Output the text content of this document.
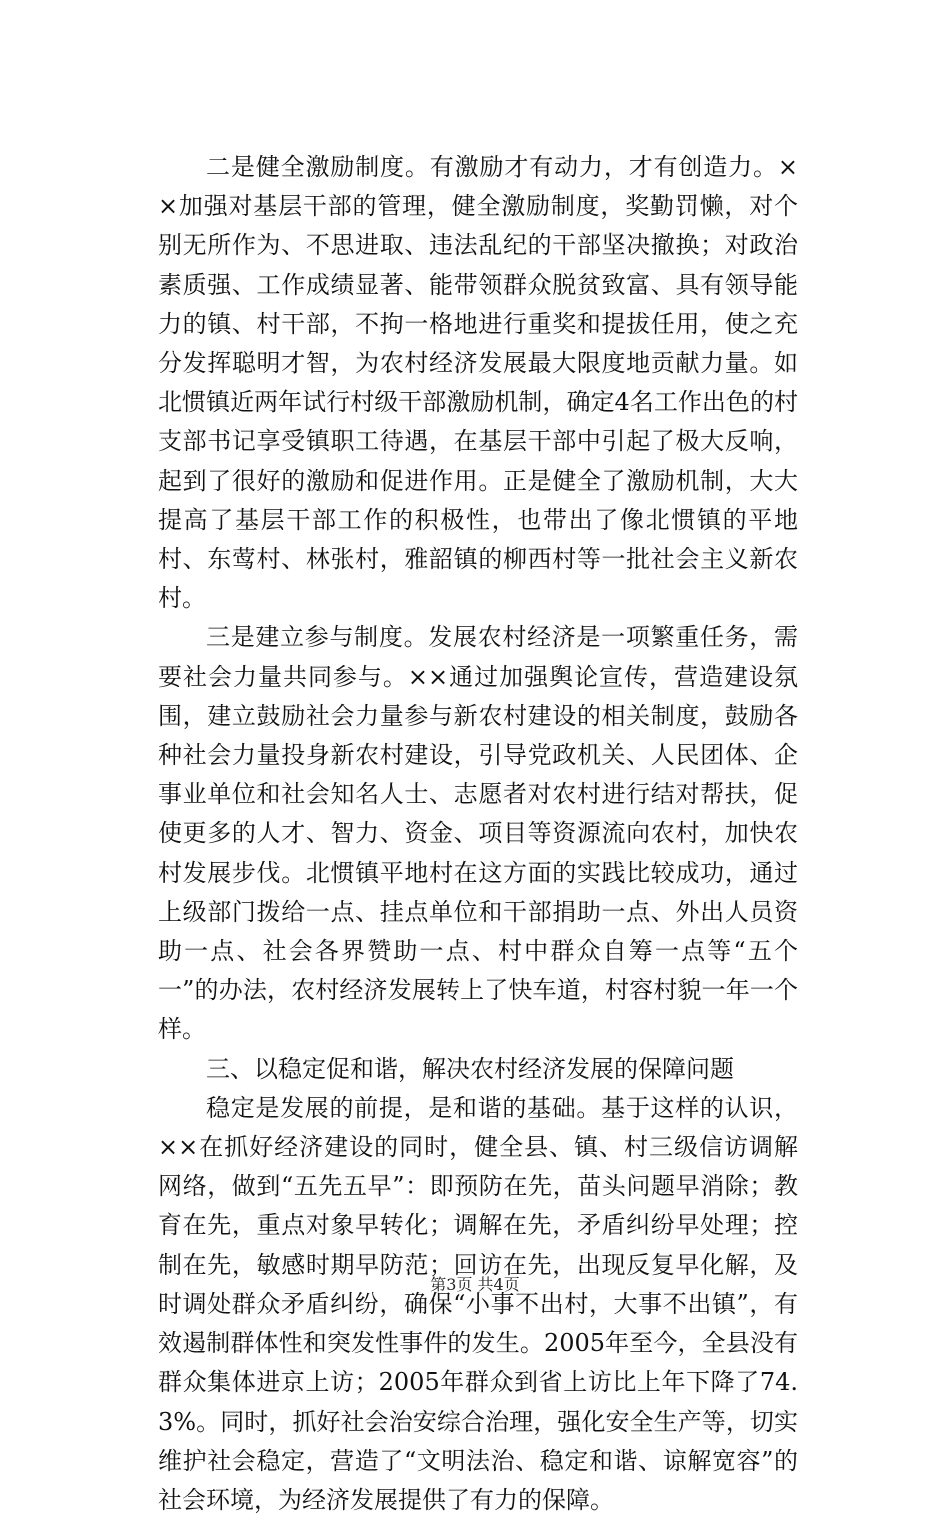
二是健全激励制度。有激励才有动力，才有创造力。××加强对基层干部的管理，健全激励制度，奖勤罚懒，对个别无所作为、不思进取、违法乱纪的干部坚决撤换；对政治素质强、工作成绩显著、能带领群众脱贫致富、具有领导能力的镇、村干部，不拘一格地进行重奖和提拔任用，使之充分发挥聪明才智，为农村经济发展最大限度地贡献力量。如北惯镇近两年试行村级干部激励机制，确定4名工作出色的村支部书记享受镇职工待遇，在基层干部中引起了极大反响，起到了很好的激励和促进作用。正是健全了激励机制，大大提高了基层干部工作的积极性，也带出了像北惯镇的平地村、东莺村、林张村，雅韶镇的柳西村等一批社会主义新农村。

三是建立参与制度。发展农村经济是一项繁重任务，需要社会力量共同参与。××通过加强舆论宣传，营造建设氛围，建立鼓励社会力量参与新农村建设的相关制度，鼓励各种社会力量投身新农村建设，引导党政机关、人民团体、企事业单位和社会知名人士、志愿者对农村进行结对帮扶，促使更多的人才、智力、资金、项目等资源流向农村，加快农村发展步伐。北惯镇平地村在这方面的实践比较成功，通过上级部门拨给一点、挂点单位和干部捐助一点、外出人员资助一点、社会各界赞助一点、村中群众自筹一点等“五个一”的办法，农村经济发展转上了快车道，村容村貌一年一个样。

三、以稳定促和谐，解决农村经济发展的保障问题

稳定是发展的前提，是和谐的基础。基于这样的认识，××在抓好经济建设的同时，健全县、镇、村三级信访调解网络，做到“五先五早”：即预防在先，苗头问题早消除；教育在先，重点对象早转化；调解在先，矛盾纠纷早处理；控制在先，敏感时期早防范；回访在先，出现反复早化解，及时调处群众矛盾纠纷，确保“小事不出村，大事不出镇”，有效遏制群体性和突发性事件的发生。2005年至今，全县没有群众集体进京上访；2005年群众到省上访比上年下降了74.3%。同时，抓好社会治安综合治理，强化安全生产等，切实维护社会稳定，营造了“文明法治、稳定和谐、谅解宽容”的社会环境，为经济发展提供了有力的保障。

第3页 共4页
